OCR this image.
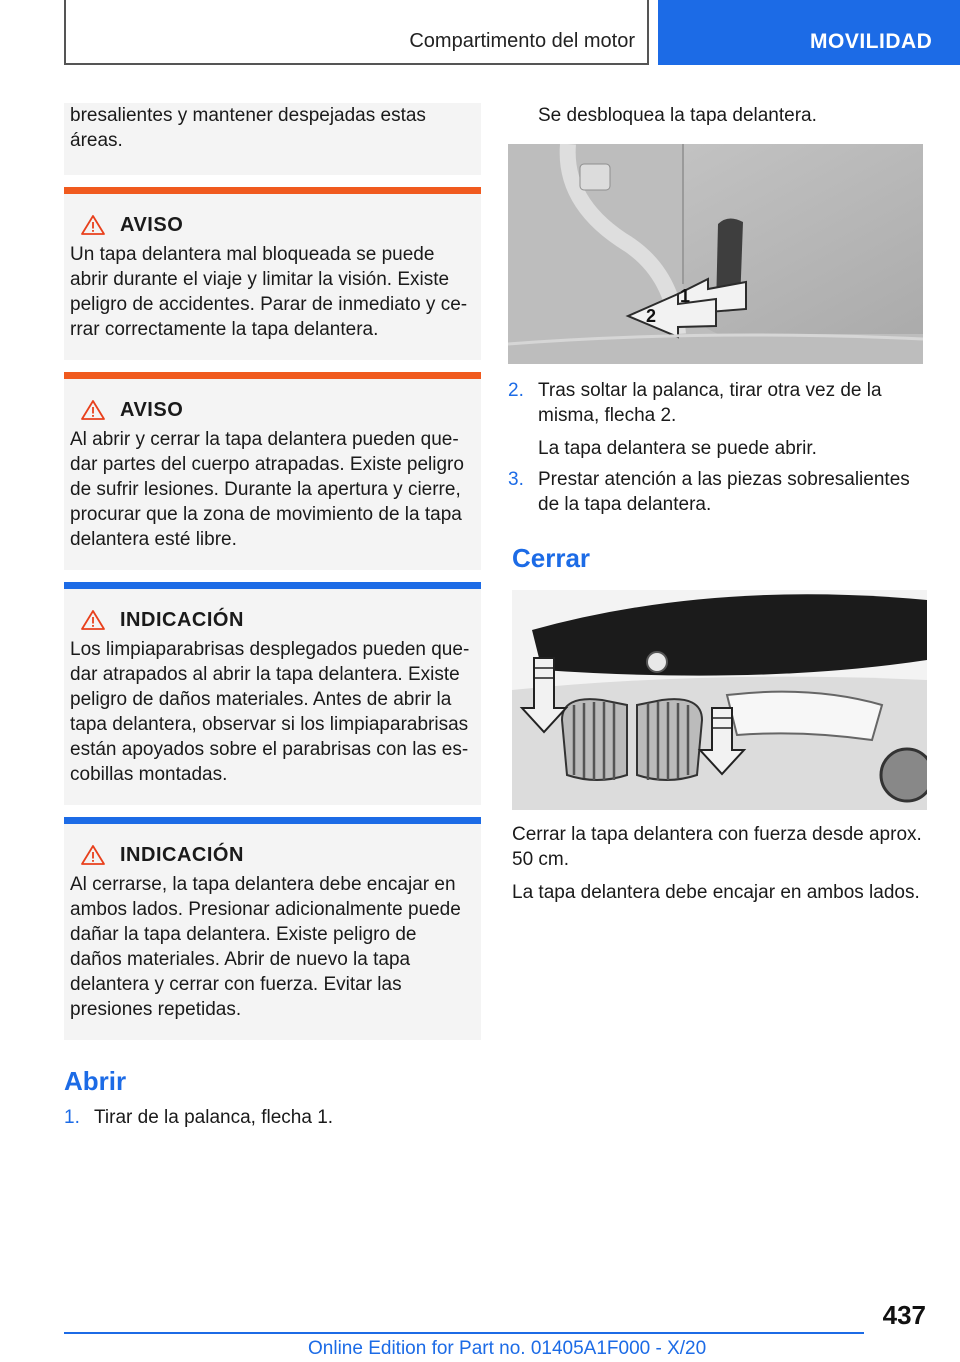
Compartimento del motor	MOVILIDAD

bresalientes y mantener despejadas estas áreas.

AVISO

Un tapa delantera mal bloqueada se puede abrir durante el viaje y limitar la visión. Existe peligro de accidentes. Parar de inmediato y ce‐rrar correctamente la tapa delantera.

AVISO

Al abrir y cerrar la tapa delantera pueden que‐dar partes del cuerpo atrapadas. Existe peligro de sufrir lesiones. Durante la apertura y cierre, procurar que la zona de movimiento de la tapa delantera esté libre.

INDICACIÓN

Los limpiaparabrisas desplegados pueden que‐dar atrapados al abrir la tapa delantera. Existe peligro de daños materiales. Antes de abrir la tapa delantera, observar si los limpiaparabrisas están apoyados sobre el parabrisas con las es‐cobillas montadas.

INDICACIÓN

Al cerrarse, la tapa delantera debe encajar en ambos lados. Presionar adicionalmente puede dañar la tapa delantera. Existe peligro de daños materiales. Abrir de nuevo la tapa delantera y cerrar con fuerza. Evitar las presiones repetidas.

Abrir
1. Tirar de la palanca, flecha 1.

Se desbloquea la tapa delantera.

1
2
2. Tras soltar la palanca, tirar otra vez de la misma, flecha 2.

La tapa delantera se puede abrir.

3. Prestar atención a las piezas sobresalientes de la tapa delantera.
Cerrar

Cerrar la tapa delantera con fuerza desde aprox. 50 cm.

La tapa delantera debe encajar en ambos lados.

437
Online Edition for Part no. 01405A1F000 - X/20
